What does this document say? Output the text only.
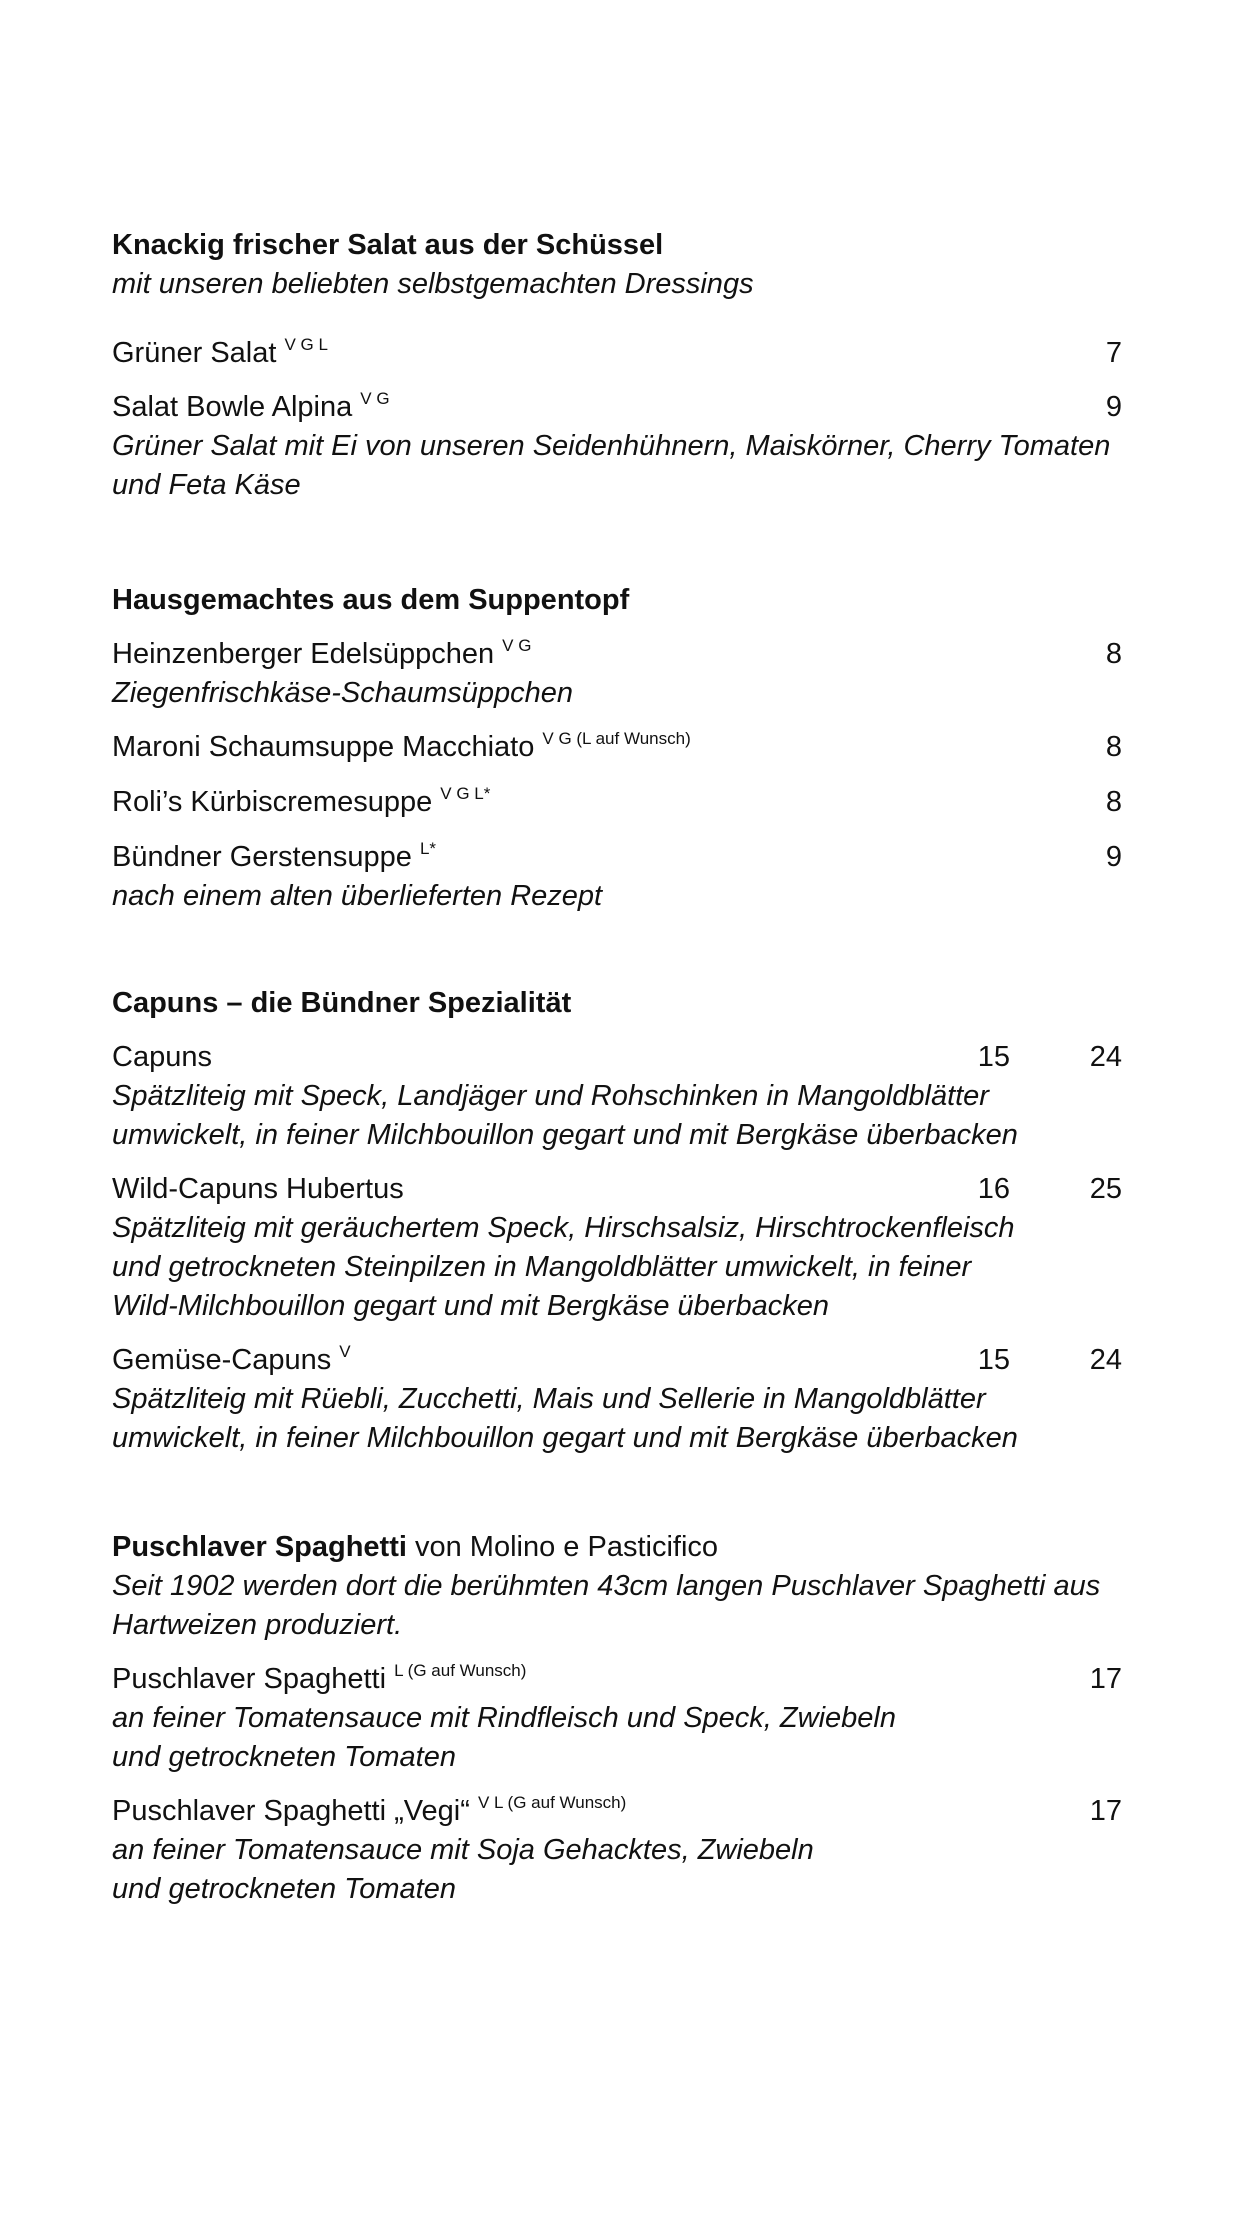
Knackig frischer Salat aus der Schüssel
mit unseren beliebten selbstgemachten Dressings
Grüner Salat $^{V G L}$	7
Salat Bowle Alpina $^{V G}$	9
Grüner Salat mit Ei von unseren Seidenhühnern, Maiskörner, Cherry Tomaten
und Feta Käse
Hausgemachtes aus dem Suppentopf
Heinzenberger Edelsüppchen $^{V G}$	8
Ziegenfrischkäse-Schaumsüppchen
Maroni Schaumsuppe Macchiato $^{V G (L auf Wunsch)}$	8
Roli’s Kürbiscremesuppe $^{V G L*}$	8
Bündner Gerstensuppe $^{L*}$	9
nach einem alten überlieferten Rezept
Capuns – die Bündner Spezialität
Capuns	15	24
Spätzliteig mit Speck, Landjäger und Rohschinken in Mangoldblätter
umwickelt, in feiner Milchbouillon gegart und mit Bergkäse überbacken
Wild-Capuns Hubertus	16	25
Spätzliteig mit geräuchertem Speck, Hirschsalsiz, Hirschtrockenfleisch
und getrockneten Steinpilzen in Mangoldblätter umwickelt, in feiner
Wild-Milchbouillon gegart und mit Bergkäse überbacken
Gemüse-Capuns $^V$	15	24
Spätzliteig mit Rüebli, Zucchetti, Mais und Sellerie in Mangoldblätter
umwickelt, in feiner Milchbouillon gegart und mit Bergkäse überbacken
Puschlaver Spaghetti von Molino e Pasticifico
Seit 1902 werden dort die berühmten 43cm langen Puschlaver Spaghetti aus
Hartweizen produziert.
Puschlaver Spaghetti $^{L (G auf Wunsch)}$	17
an feiner Tomatensauce mit Rindfleisch und Speck, Zwiebeln
und getrockneten Tomaten
Puschlaver Spaghetti „Vegi“ $^{V L (G auf Wunsch)}$	17
an feiner Tomatensauce mit Soja Gehacktes, Zwiebeln
und getrockneten Tomaten
